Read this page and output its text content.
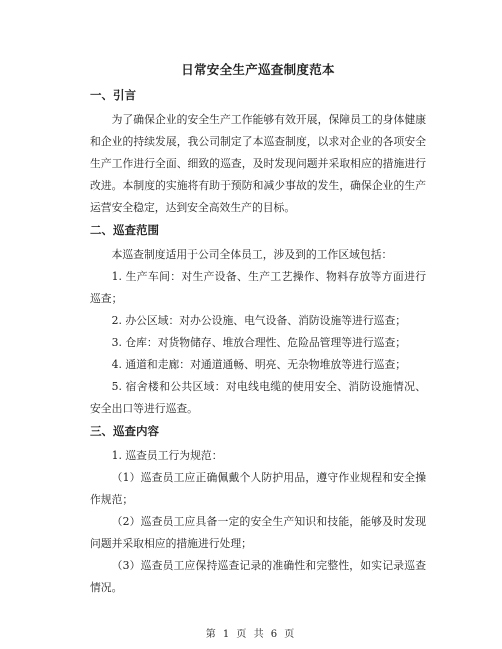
日常安全生产巡查制度范本
一、引言

为了确保企业的安全生产工作能够有效开展，保障员工的身体健康和企业的持续发展，我公司制定了本巡查制度，以求对企业的各项安全生产工作进行全面、细致的巡查，及时发现问题并采取相应的措施进行改进。本制度的实施将有助于预防和减少事故的发生，确保企业的生产运营安全稳定，达到安全高效生产的目标。

二、巡查范围

本巡查制度适用于公司全体员工，涉及到的工作区域包括：

1. 生产车间：对生产设备、生产工艺操作、物料存放等方面进行巡查；

2. 办公区域：对办公设施、电气设备、消防设施等进行巡查；

3. 仓库：对货物储存、堆放合理性、危险品管理等进行巡查；

4. 通道和走廊：对通道通畅、明亮、无杂物堆放等进行巡查；

5. 宿舍楼和公共区域：对电线电缆的使用安全、消防设施情况、安全出口等进行巡查。

三、巡查内容

1. 巡查员工行为规范：

（1）巡查员工应正确佩戴个人防护用品，遵守作业规程和安全操作规范；

（2）巡查员工应具备一定的安全生产知识和技能，能够及时发现问题并采取相应的措施进行处理；

（3）巡查员工应保持巡查记录的准确性和完整性，如实记录巡查情况。

第 1 页 共 6 页
